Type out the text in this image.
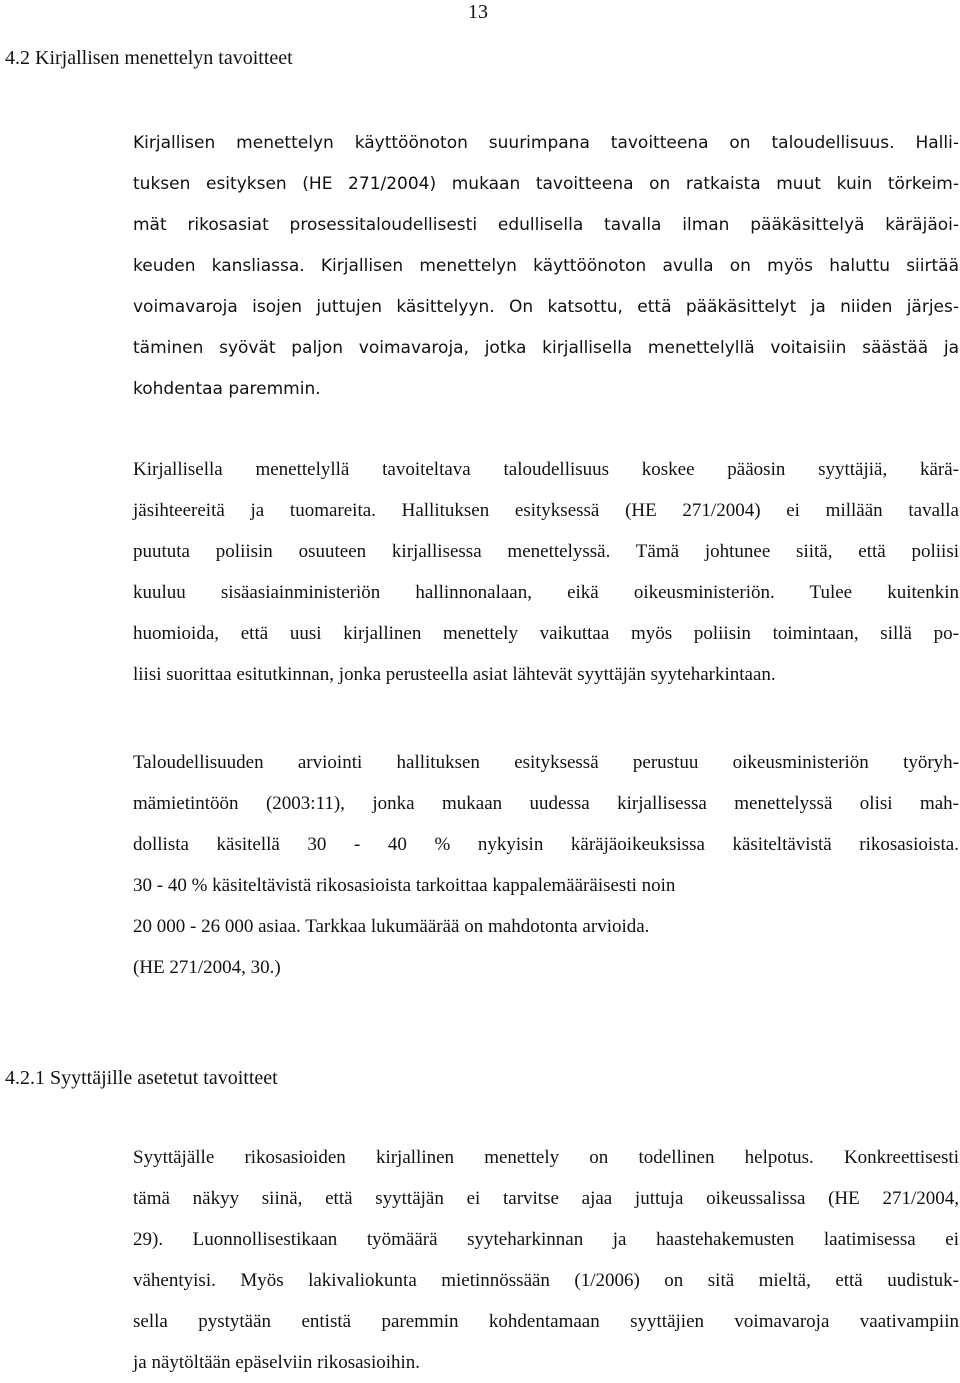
13
4.2 Kirjallisen menettelyn tavoitteet
Kirjallisen menettelyn käyttöönoton suurimpana tavoitteena on taloudellisuus. Halli-
tuksen esityksen (HE 271/2004) mukaan tavoitteena on ratkaista muut kuin törkeim-
mät rikosasiat prosessitaloudellisesti edullisella tavalla ilman pääkäsittelyä käräjäoi-
keuden kansliassa. Kirjallisen menettelyn käyttöönoton avulla on myös haluttu siirtää
voimavaroja isojen juttujen käsittelyyn. On katsottu, että pääkäsittelyt ja niiden järjes-
täminen syövät paljon voimavaroja, jotka kirjallisella menettelyllä voitaisiin säästää ja
kohdentaa paremmin.
Kirjallisella menettelyllä tavoiteltava taloudellisuus koskee pääosin syyttäjiä, kärä-
jäsihteereitä ja tuomareita. Hallituksen esityksessä (HE 271/2004) ei millään tavalla
puututa poliisin osuuteen kirjallisessa menettelyssä. Tämä johtunee siitä, että poliisi
kuuluu sisäasiainministeriön hallinnonalaan, eikä oikeusministeriön. Tulee kuitenkin
huomioida, että uusi kirjallinen menettely vaikuttaa myös poliisin toimintaan, sillä po-
liisi suorittaa esitutkinnan, jonka perusteella asiat lähtevät syyttäjän syyteharkintaan.
Taloudellisuuden arviointi hallituksen esityksessä perustuu oikeusministeriön työryh-
mämietintöön (2003:11), jonka mukaan uudessa kirjallisessa menettelyssä olisi mah-
dollista käsitellä 30 - 40 % nykyisin käräjäoikeuksissa käsiteltävistä rikosasioista.
30 - 40 % käsiteltävistä rikosasioista tarkoittaa kappalemääräisesti noin
20 000 - 26 000 asiaa. Tarkkaa lukumäärää on mahdotonta arvioida.
(HE 271/2004, 30.)
4.2.1 Syyttäjille asetetut tavoitteet
Syyttäjälle rikosasioiden kirjallinen menettely on todellinen helpotus. Konkreettisesti
tämä näkyy siinä, että syyttäjän ei tarvitse ajaa juttuja oikeussalissa (HE 271/2004,
29). Luonnollisestikaan työmäärä syyteharkinnan ja haastehakemusten laatimisessa ei
vähentyisi. Myös lakivaliokunta mietinnössään (1/2006) on sitä mieltä, että uudistuk-
sella pystytään entistä paremmin kohdentamaan syyttäjien voimavaroja vaativampiin
ja näytöltään epäselviin rikosasioihin.
